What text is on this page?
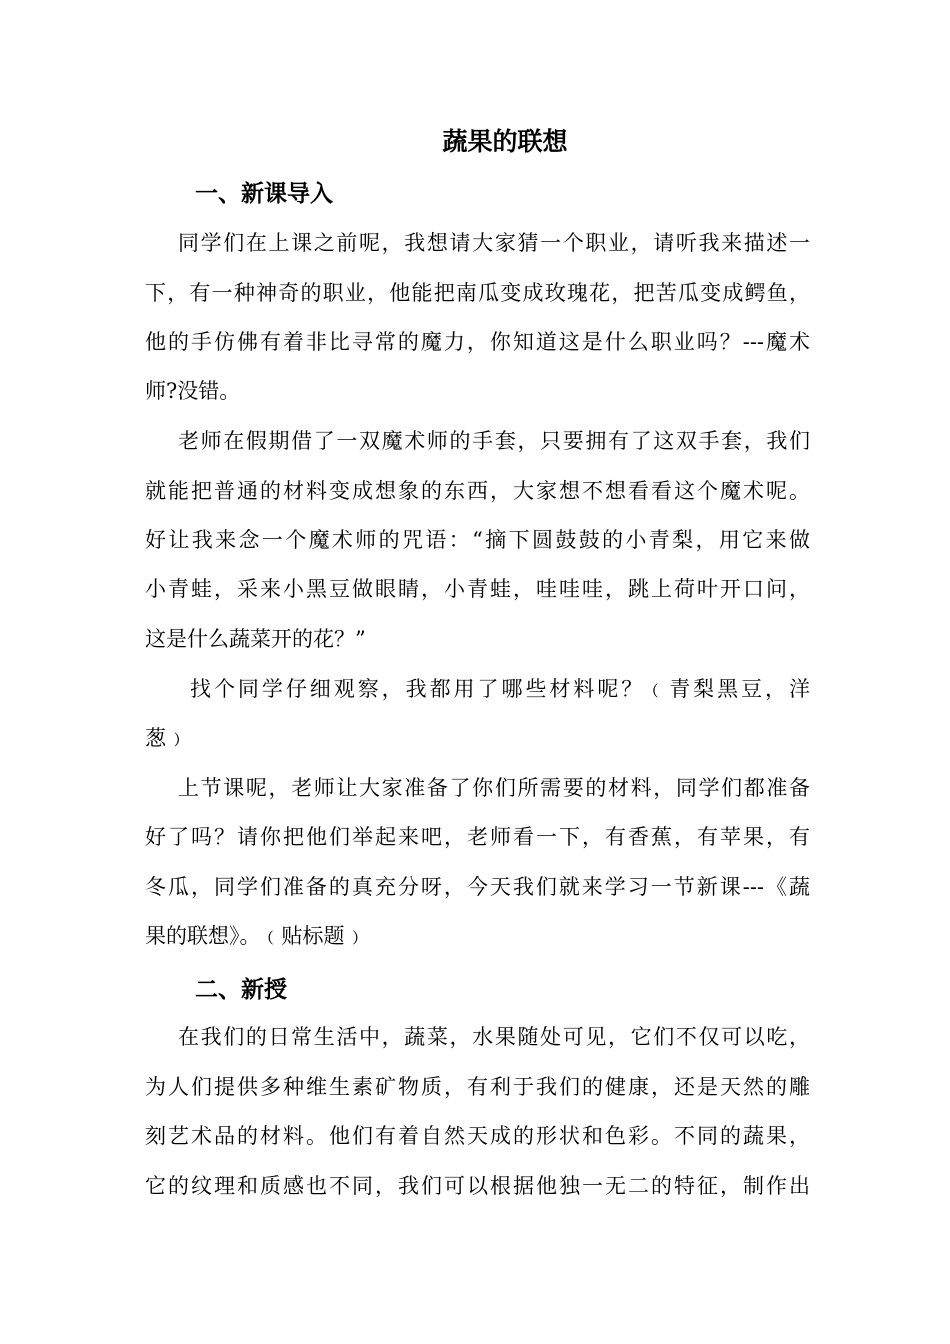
蔬果的联想
一、新课导入

同学们在上课之前呢，我想请大家猜一个职业，请听我来描述一

下，有一种神奇的职业，他能把南瓜变成玫瑰花，把苦瓜变成鳄鱼，

他的手仿佛有着非比寻常的魔力，你知道这是什么职业吗？---魔术

师?没错。

老师在假期借了一双魔术师的手套，只要拥有了这双手套，我们

就能把普通的材料变成想象的东西，大家想不想看看这个魔术呢。

好让我来念一个魔术师的咒语：“摘下圆鼓鼓的小青梨，用它来做

小青蛙，采来小黑豆做眼睛，小青蛙，哇哇哇，跳上荷叶开口问，

这是什么蔬菜开的花？”

找个同学仔细观察，我都用了哪些材料呢？﹙青梨黑豆，洋

葱﹚

上节课呢，老师让大家准备了你们所需要的材料，同学们都准备

好了吗？请你把他们举起来吧，老师看一下，有香蕉，有苹果，有

冬瓜，同学们准备的真充分呀，今天我们就来学习一节新课---《蔬

果的联想》。﹙贴标题﹚

二、新授

在我们的日常生活中，蔬菜，水果随处可见，它们不仅可以吃，

为人们提供多种维生素矿物质，有利于我们的健康，还是天然的雕

刻艺术品的材料。他们有着自然天成的形状和色彩。不同的蔬果，

它的纹理和质感也不同，我们可以根据他独一无二的特征，制作出
